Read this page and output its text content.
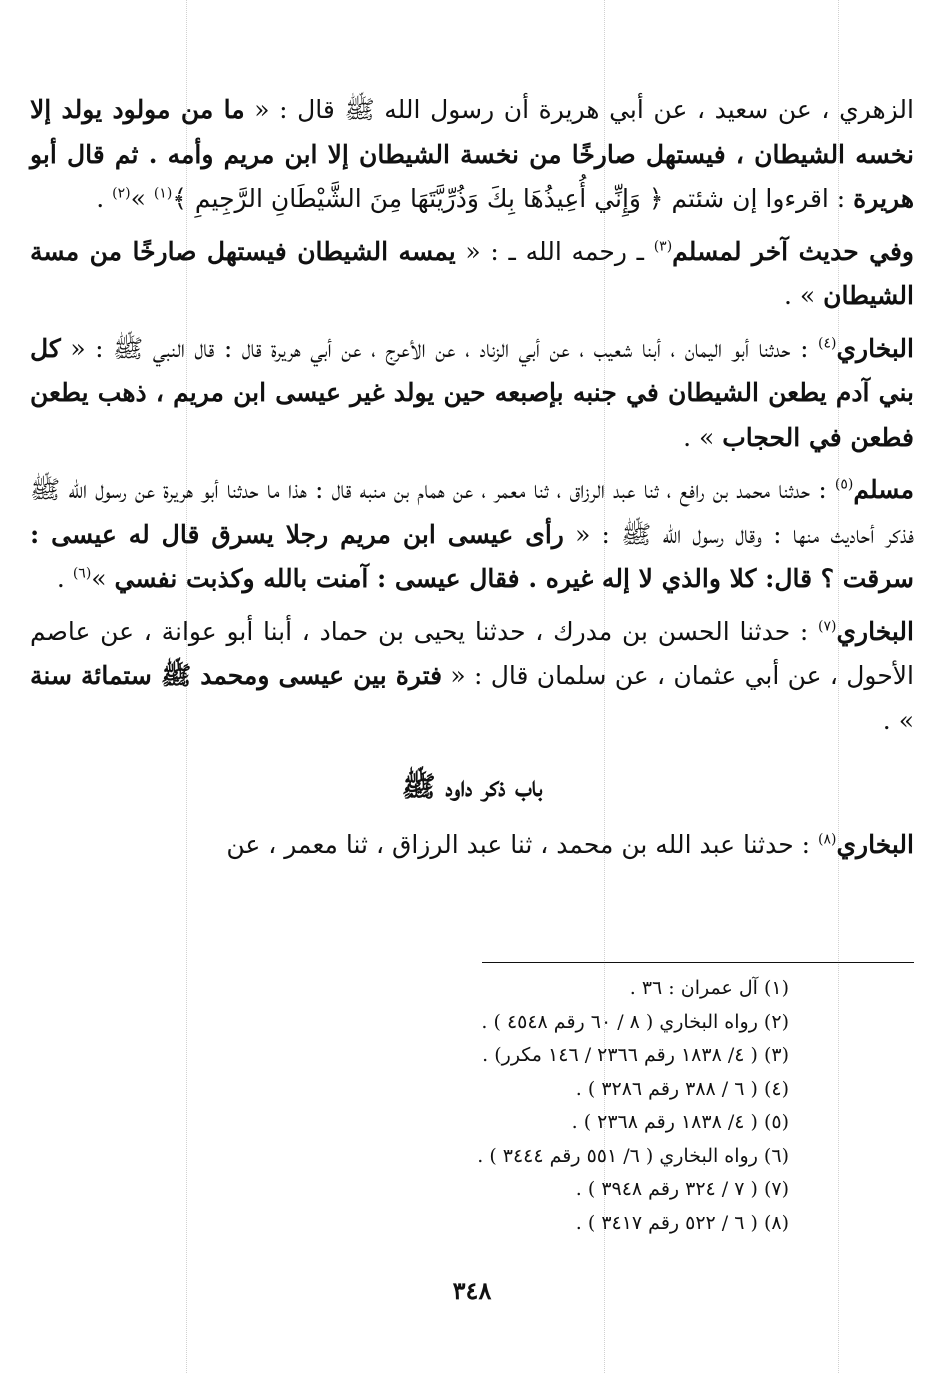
الزهري ، عن سعيد ، عن أبي هريرة أن رسول الله ﷺ قال : « ما من مولود يولد إلا نخسه الشيطان ، فيستهل صارخًا من نخسة الشيطان إلا ابن مريم وأمه . ثم قال أبو هريرة : اقرءوا إن شئتم ﴿ وَإِنِّي أُعِيذُهَا بِكَ وَذُرِّيَّتَهَا مِنَ الشَّيْطَانِ الرَّجِيمِ ﴾$^{(١)}$ »$^{(٢)}$ .

وفي حديث آخر لمسلم$^{(٣)}$ ـ رحمه الله ـ : « يمسه الشيطان فيستهل صارخًا من مسة الشيطان » .

البخاري$^{(٤)}$ : حدثنا أبو اليمان ، أبنا شعيب ، عن أبي الزناد ، عن الأعرج ، عن أبي هريرة قال : قال النبي ﷺ : « كل بني آدم يطعن الشيطان في جنبه بإصبعه حين يولد غير عيسى ابن مريم ، ذهب يطعن فطعن في الحجاب » .

مسلم$^{(٥)}$ : حدثنا محمد بن رافع ، ثنا عبد الرزاق ، ثنا معمر ، عن همام بن منبه قال : هذا ما حدثنا أبو هريرة عن رسول الله ﷺ فذكر أحاديث منها : وقال رسول الله ﷺ : « رأى عيسى ابن مريم رجلا يسرق قال له عيسى : سرقت ؟ قال: كلا والذي لا إله غيره . فقال عيسى : آمنت بالله وكذبت نفسي »$^{(٦)}$ .

البخاري$^{(٧)}$ : حدثنا الحسن بن مدرك ، حدثنا يحيى بن حماد ، أبنا أبو عوانة ، عن عاصم الأحول ، عن أبي عثمان ، عن سلمان قال : « فترة بين عيسى ومحمد ﷺ ستمائة سنة » .

باب ذكر داود ﷺ

البخاري$^{(٨)}$ : حدثنا عبد الله بن محمد ، ثنا عبد الرزاق ، ثنا معمر ، عن

(١) آل عمران : ٣٦ .
(٢) رواه البخاري ( ٨ / ٦٠ رقم ٤٥٤٨ ) .
(٣) ( ٤/ ١٨٣٨ رقم ٢٣٦٦ / ١٤٦ مكرر) .
(٤) ( ٦ / ٣٨٨ رقم ٣٢٨٦ ) .
(٥) ( ٤/ ١٨٣٨ رقم ٢٣٦٨ ) .
(٦) رواه البخاري ( ٦/ ٥٥١ رقم ٣٤٤٤ ) .
(٧) ( ٧ / ٣٢٤ رقم ٣٩٤٨ ) .
(٨) ( ٦ / ٥٢٢ رقم ٣٤١٧ ) .
٣٤٨
